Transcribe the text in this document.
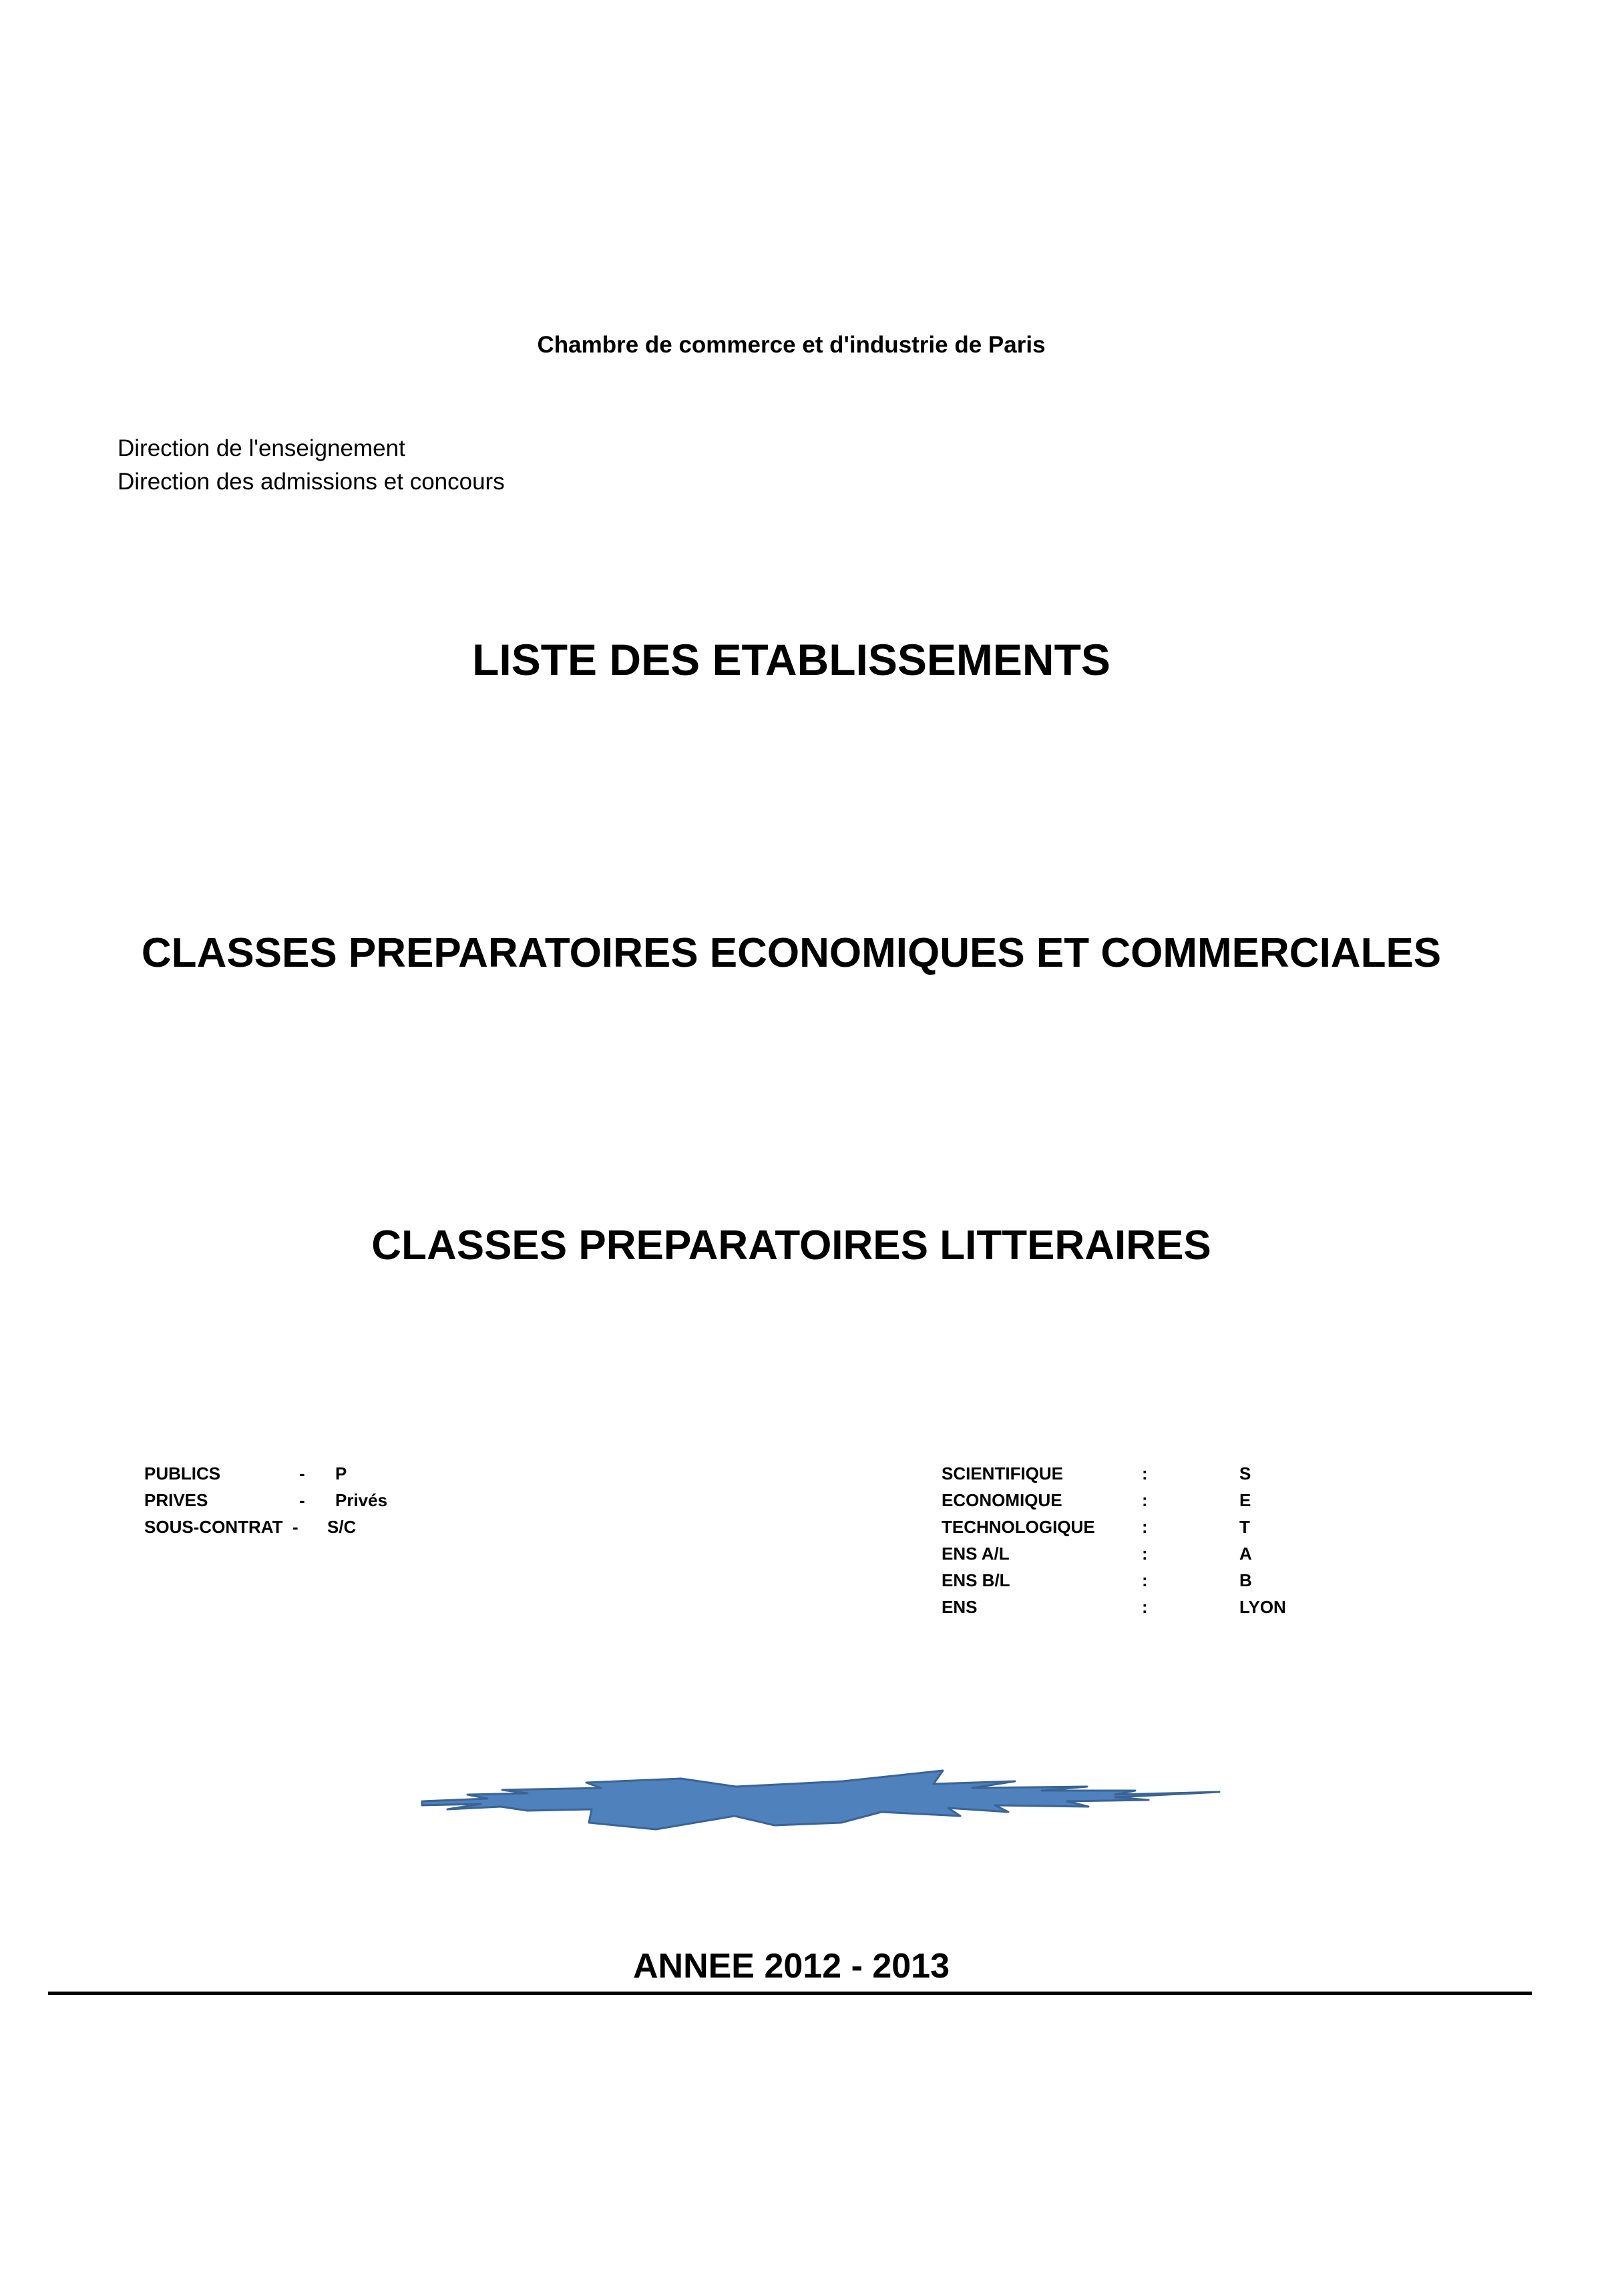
Chambre de commerce et d'industrie de Paris
Direction de l'enseignement
Direction des admissions et concours
LISTE DES ETABLISSEMENTS
CLASSES PREPARATOIRES ECONOMIQUES ET COMMERCIALES
CLASSES PREPARATOIRES LITTERAIRES
PUBLICS	- P
PRIVES	- Privés
SOUS-CONTRAT - S/C
SCIENTIFIQUE	:	S
ECONOMIQUE	:	E
TECHNOLOGIQUE	:	T
ENS A/L	:	A
ENS B/L	:	B
ENS	:	LYON
ANNEE 2012 - 2013
